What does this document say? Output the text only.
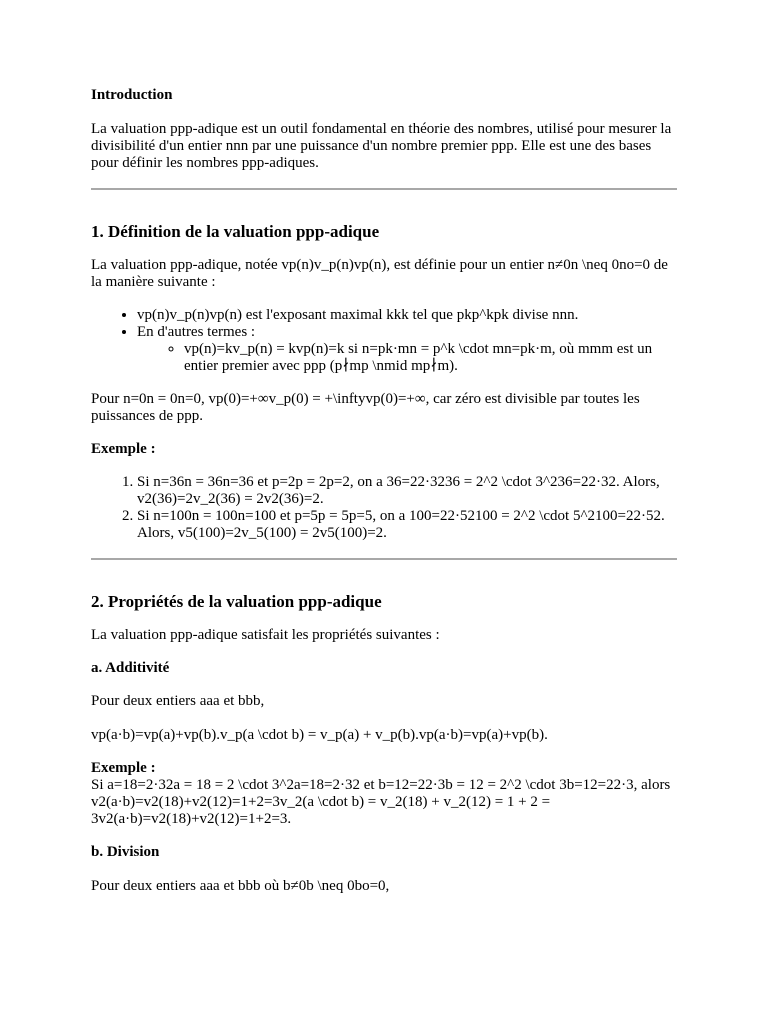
Introduction

La valuation ppp-adique est un outil fondamental en théorie des nombres, utilisé pour mesurer la divisibilité d'un entier nnn par une puissance d'un nombre premier ppp. Elle est une des bases pour définir les nombres ppp-adiques.

1. Définition de la valuation ppp-adique

La valuation ppp-adique, notée vp(n)v_p(n)vp(n), est définie pour un entier n≠0n \neq 0no=0 de la manière suivante :

• vp(n)v_p(n)vp(n) est l'exposant maximal kkk tel que pkp^kpk divise nnn.
• En d'autres termes :
◦ vp(n)=kv_p(n) = kvp(n)=k si n=pk·mn = p^k \cdot mn=pk·m, où mmm est un entier premier avec ppp (p∤mp \nmid mp∤m).

Pour n=0n = 0n=0, vp(0)=+∞v_p(0) = +\inftyvp(0)=+∞, car zéro est divisible par toutes les puissances de ppp.

Exemple :

1. Si n=36n = 36n=36 et p=2p = 2p=2, on a 36=22·3236 = 2^2 \cdot 3^236=22·32. Alors, v2(36)=2v_2(36) = 2v2(36)=2.
2. Si n=100n = 100n=100 et p=5p = 5p=5, on a 100=22·52100 = 2^2 \cdot 5^2100=22·52. Alors, v5(100)=2v_5(100) = 2v5(100)=2.
2. Propriétés de la valuation ppp-adique

La valuation ppp-adique satisfait les propriétés suivantes :

a. Additivité

Pour deux entiers aaa et bbb,

vp(a·b)=vp(a)+vp(b).v_p(a \cdot b) = v_p(a) + v_p(b).vp(a·b)=vp(a)+vp(b).

Exemple :
Si a=18=2·32a = 18 = 2 \cdot 3^2a=18=2·32 et b=12=22·3b = 12 = 2^2 \cdot 3b=12=22·3, alors v2(a·b)=v2(18)+v2(12)=1+2=3v_2(a \cdot b) = v_2(18) + v_2(12) = 1 + 2 = 3v2(a·b)=v2(18)+v2(12)=1+2=3.

b. Division

Pour deux entiers aaa et bbb où b≠0b \neq 0bo=0,
